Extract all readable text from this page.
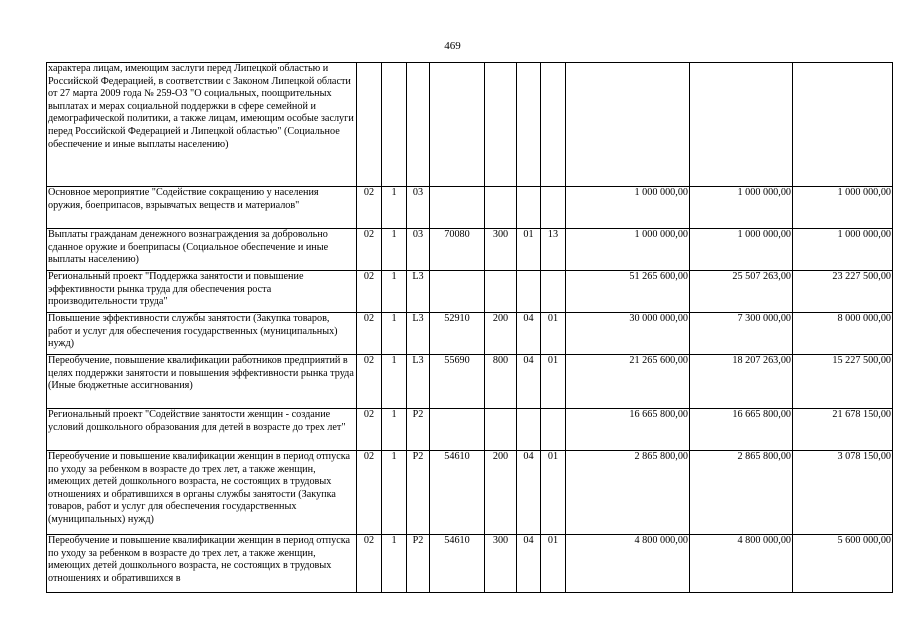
469
характера лицам, имеющим заслуги перед Липецкой областью и Российской Федерацией, в соответствии с Законом Липецкой области от 27 марта 2009 года № 259-ОЗ "О социальных, поощрительных выплатах и мерах социальной поддержки в сфере семейной и демографической политики, а также лицам, имеющим особые заслуги перед Российской Федерацией и Липецкой областью" (Социальное обеспечение и иные выплаты населению)										
Основное мероприятие "Содействие сокращению у населения оружия, боеприпасов, взрывчатых веществ и материалов"	02	1	03					1 000 000,00	1 000 000,00	1 000 000,00
Выплаты гражданам денежного вознаграждения за добровольно сданное оружие и боеприпасы (Социальное обеспечение и иные выплаты населению)	02	1	03	70080	300	01	13	1 000 000,00	1 000 000,00	1 000 000,00
Региональный проект "Поддержка занятости и повышение эффективности рынка труда для обеспечения роста производительности труда"	02	1	L3					51 265 600,00	25 507 263,00	23 227 500,00
Повышение эффективности службы занятости (Закупка товаров, работ и услуг для обеспечения государственных (муниципальных) нужд)	02	1	L3	52910	200	04	01	30 000 000,00	7 300 000,00	8 000 000,00
Переобучение, повышение квалификации работников предприятий в целях поддержки занятости и повышения эффективности рынка труда (Иные бюджетные ассигнования)	02	1	L3	55690	800	04	01	21 265 600,00	18 207 263,00	15 227 500,00
Региональный проект "Содействие занятости женщин - создание условий дошкольного образования для детей в возрасте до трех лет"	02	1	P2					16 665 800,00	16 665 800,00	21 678 150,00
Переобучение и повышение квалификации женщин в период отпуска по уходу за ребенком в возрасте до трех лет, а также женщин, имеющих детей дошкольного возраста, не состоящих в трудовых отношениях и обратившихся в органы службы занятости (Закупка товаров, работ и услуг для обеспечения государственных (муниципальных) нужд)	02	1	P2	54610	200	04	01	2 865 800,00	2 865 800,00	3 078 150,00
Переобучение и повышение квалификации женщин в период отпуска по уходу за ребенком в возрасте до трех лет, а также женщин, имеющих детей дошкольного возраста, не состоящих в трудовых отношениях и обратившихся в	02	1	P2	54610	300	04	01	4 800 000,00	4 800 000,00	5 600 000,00
